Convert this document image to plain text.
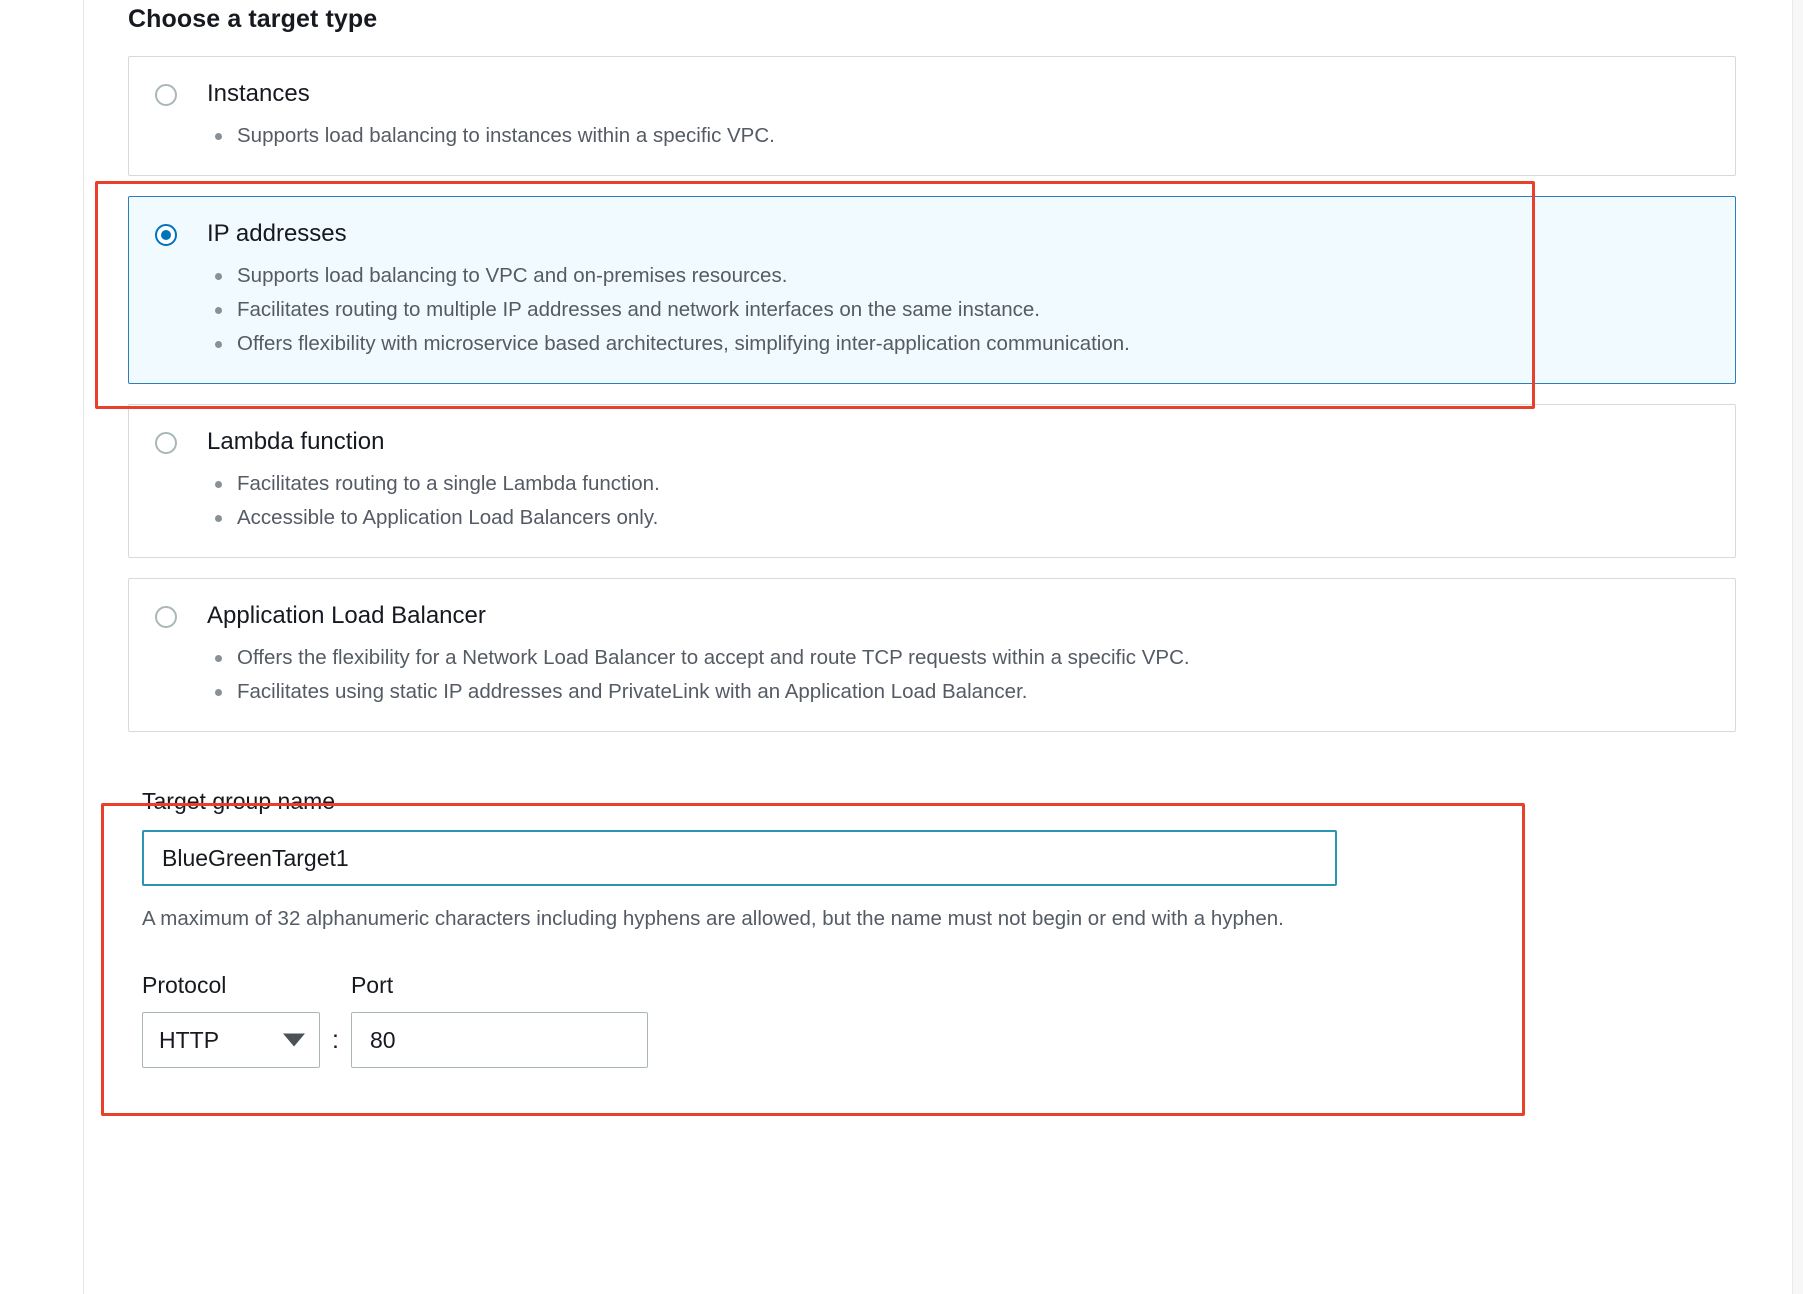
Choose a target type
Instances
Supports load balancing to instances within a specific VPC.
IP addresses
Supports load balancing to VPC and on-premises resources.
Facilitates routing to multiple IP addresses and network interfaces on the same instance.
Offers flexibility with microservice based architectures, simplifying inter-application communication.
Lambda function
Facilitates routing to a single Lambda function.
Accessible to Application Load Balancers only.
Application Load Balancer
Offers the flexibility for a Network Load Balancer to accept and route TCP requests within a specific VPC.
Facilitates using static IP addresses and PrivateLink with an Application Load Balancer.
Target group name
BlueGreenTarget1
A maximum of 32 alphanumeric characters including hyphens are allowed, but the name must not begin or end with a hyphen.
Protocol
HTTP
	:
Port
80
